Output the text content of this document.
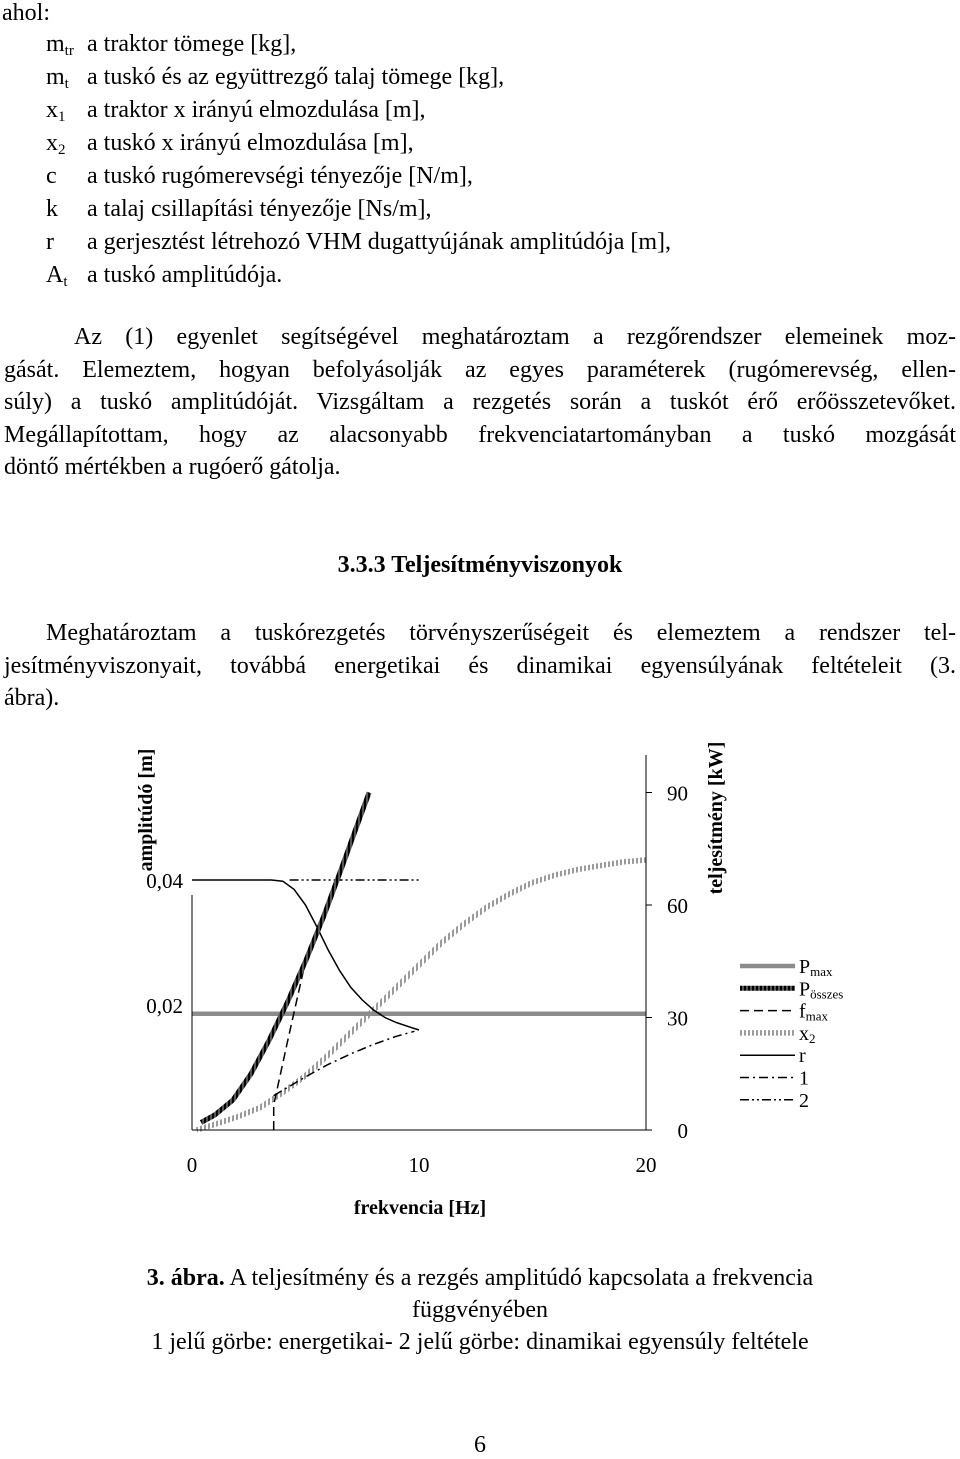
ahol:
$m_{tr}$ a traktor tömege [kg],
$m_t$ a tuskó és az együttrezgő talaj tömege [kg],
$x_1$ a traktor x irányú elmozdulása [m],
$x_2$ a tuskó x irányú elmozdulása [m],
c	a tuskó rugómerevségi tényezője [N/m],
k	a talaj csillapítási tényezője [Ns/m],
r	a gerjesztést létrehozó VHM dugattyújának amplitúdója [m],
$A_t$ a tuskó amplitúdója.
Az (1) egyenlet segítségével meghatároztam a rezgőrendszer elemeinek moz-
gását. Elemeztem, hogyan befolyásolják az egyes paraméterek (rugómerevség, ellen-
súly) a tuskó amplitúdóját. Vizsgáltam a rezgetés során a tuskót érő erőösszetevőket.
Megállapítottam, hogy az alacsonyabb frekvenciatartományban a tuskó mozgását
döntő mértékben a rugóerő gátolja.
3.3.3 Teljesítményviszonyok
Meghatároztam a tuskórezgetés törvényszerűségeit és elemeztem a rendszer tel-
jesítményviszonyait, továbbá energetikai és dinamikai egyensúlyának feltételeit (3.
ábra).
0,02
0,04
0
30
60
90
0	10	20
frekvencia [Hz]
amplitúdó [m]	teljesítmény [kW]
Pmax
Pösszes
fmax
x2
r
1
2
3. ábra. A teljesítmény és a rezgés amplitúdó kapcsolata a frekvencia
függvényében
1 jelű görbe: energetikai- 2 jelű görbe: dinamikai egyensúly feltétele
6
